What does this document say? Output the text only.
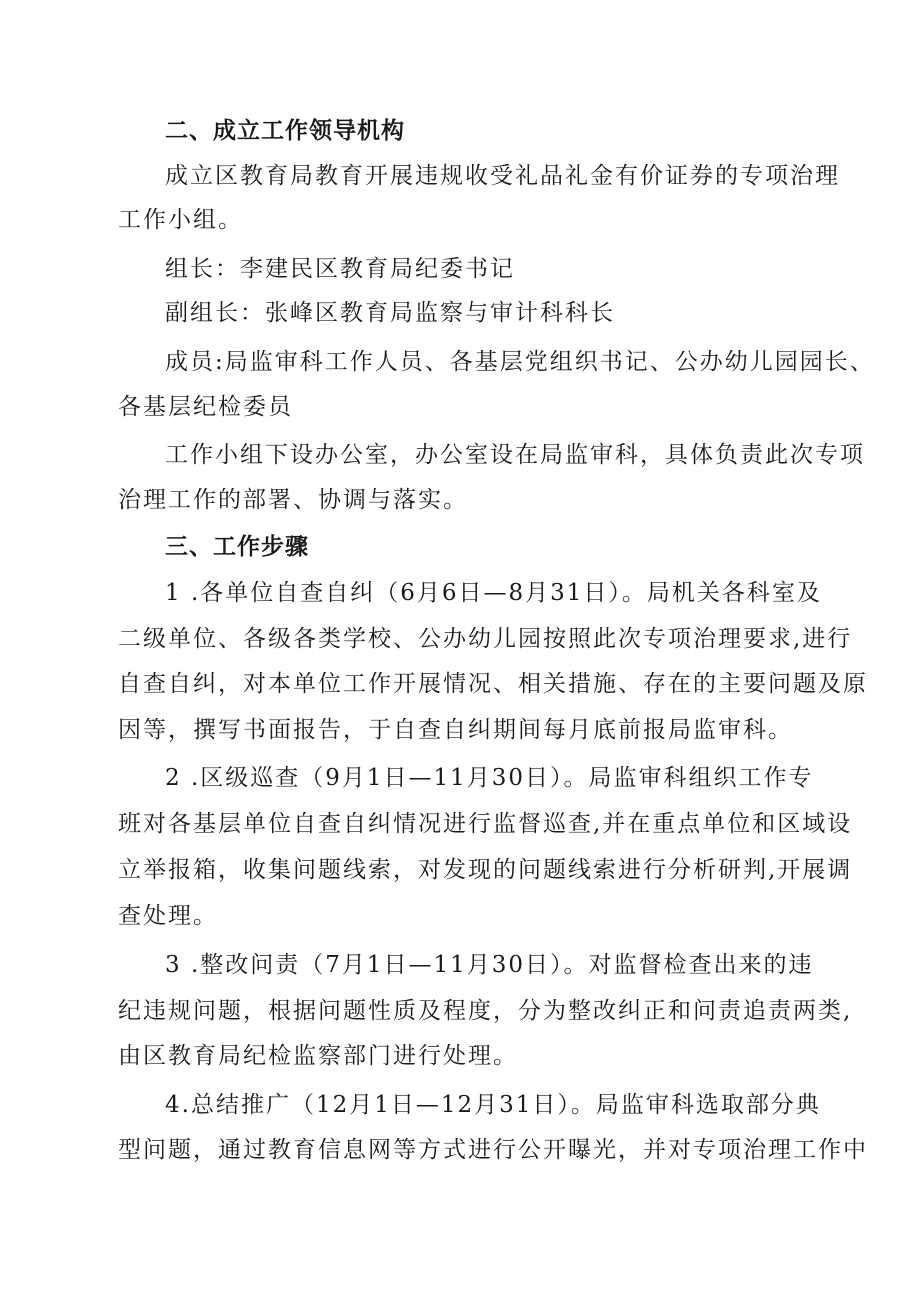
二、成立工作领导机构
成立区教育局教育开展违规收受礼品礼金有价证券的专项治理
工作小组。
组长：李建民区教育局纪委书记
副组长：张峰区教育局监察与审计科科长
成员:局监审科工作人员、各基层党组织书记、公办幼儿园园长、
各基层纪检委员
工作小组下设办公室，办公室设在局监审科，具体负责此次专项
治理工作的部署、协调与落实。
三、工作步骤
1 .各单位自查自纠（6月6日—8月31日）。局机关各科室及
二级单位、各级各类学校、公办幼儿园按照此次专项治理要求,进行
自查自纠，对本单位工作开展情况、相关措施、存在的主要问题及原
因等，撰写书面报告，于自查自纠期间每月底前报局监审科。
2 .区级巡查（9月1日—11月30日）。局监审科组织工作专
班对各基层单位自查自纠情况进行监督巡查,并在重点单位和区域设
立举报箱，收集问题线索，对发现的问题线索进行分析研判,开展调
查处理。
3 .整改问责（7月1日—11月30日）。对监督检查出来的违
纪违规问题，根据问题性质及程度，分为整改纠正和问责追责两类,
由区教育局纪检监察部门进行处理。
4.总结推广（12月1日—12月31日）。局监审科选取部分典
型问题，通过教育信息网等方式进行公开曝光，并对专项治理工作中
